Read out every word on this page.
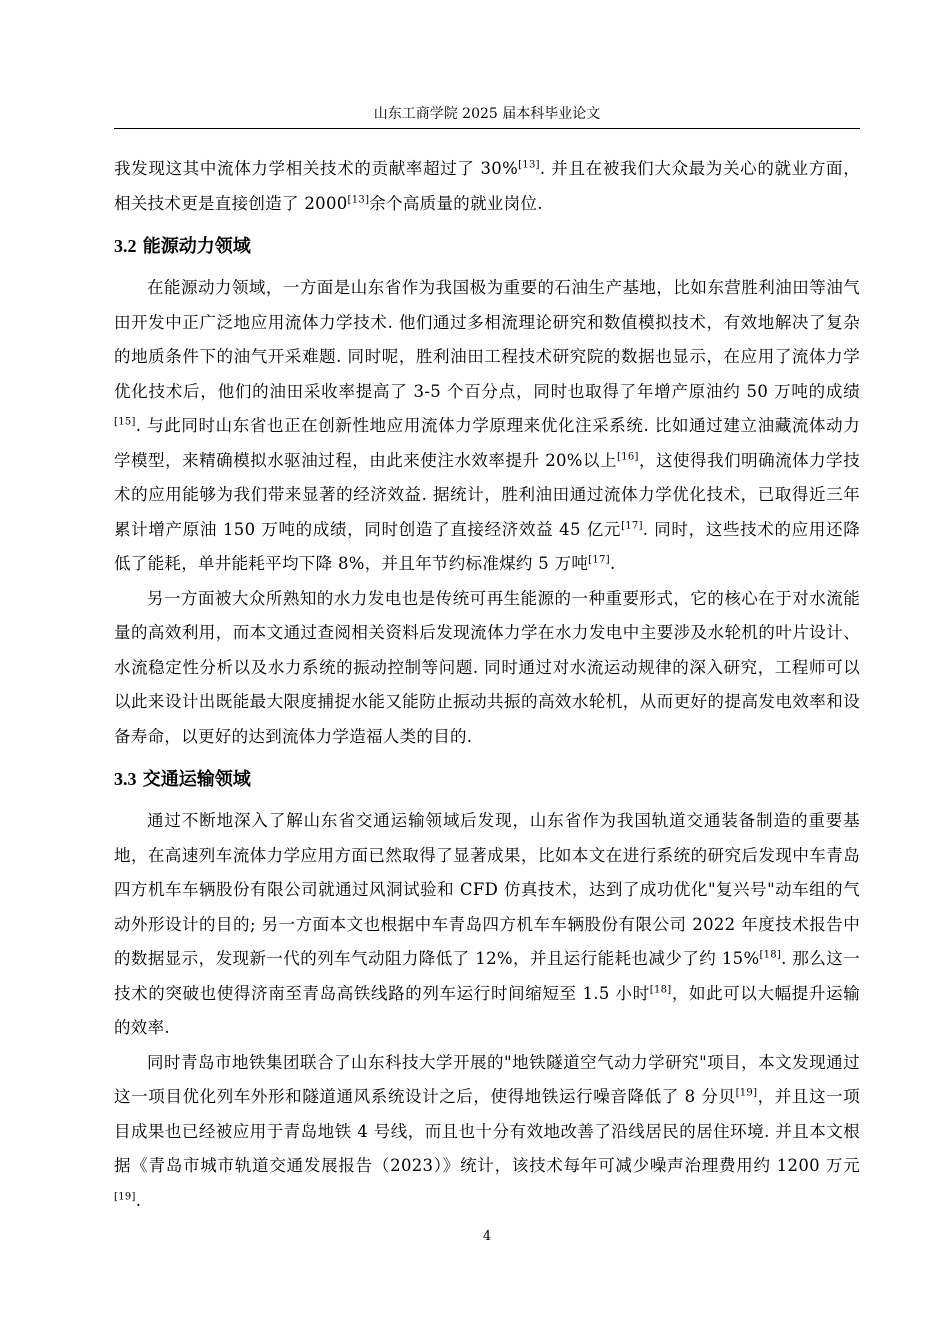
山东工商学院 2025 届本科毕业论文

我发现这其中流体力学相关技术的贡献率超过了 30%[13]. 并且在被我们大众最为关心的就业方面，相关技术更是直接创造了 2000[13]余个高质量的就业岗位.

3.2 能源动力领域

在能源动力领域，一方面是山东省作为我国极为重要的石油生产基地，比如东营胜利油田等油气田开发中正广泛地应用流体力学技术. 他们通过多相流理论研究和数值模拟技术，有效地解决了复杂的地质条件下的油气开采难题. 同时呢，胜利油田工程技术研究院的数据也显示，在应用了流体力学优化技术后，他们的油田采收率提高了 3-5 个百分点，同时也取得了年增产原油约 50 万吨的成绩[15]. 与此同时山东省也正在创新性地应用流体力学原理来优化注采系统. 比如通过建立油藏流体动力学模型，来精确模拟水驱油过程，由此来使注水效率提升 20%以上[16]，这使得我们明确流体力学技术的应用能够为我们带来显著的经济效益. 据统计，胜利油田通过流体力学优化技术，已取得近三年累计增产原油 150 万吨的成绩，同时创造了直接经济效益 45 亿元[17]. 同时，这些技术的应用还降低了能耗，单井能耗平均下降 8%，并且年节约标准煤约 5 万吨[17].

另一方面被大众所熟知的水力发电也是传统可再生能源的一种重要形式，它的核心在于对水流能量的高效利用，而本文通过查阅相关资料后发现流体力学在水力发电中主要涉及水轮机的叶片设计、水流稳定性分析以及水力系统的振动控制等问题. 同时通过对水流运动规律的深入研究，工程师可以以此来设计出既能最大限度捕捉水能又能防止振动共振的高效水轮机，从而更好的提高发电效率和设备寿命，以更好的达到流体力学造福人类的目的.

3.3 交通运输领域

通过不断地深入了解山东省交通运输领域后发现，山东省作为我国轨道交通装备制造的重要基地，在高速列车流体力学应用方面已然取得了显著成果，比如本文在进行系统的研究后发现中车青岛四方机车车辆股份有限公司就通过风洞试验和 CFD 仿真技术，达到了成功优化"复兴号"动车组的气动外形设计的目的; 另一方面本文也根据中车青岛四方机车车辆股份有限公司 2022 年度技术报告中的数据显示，发现新一代的列车气动阻力降低了 12%，并且运行能耗也减少了约 15%[18]. 那么这一技术的突破也使得济南至青岛高铁线路的列车运行时间缩短至 1.5 小时[18]，如此可以大幅提升运输的效率.

同时青岛市地铁集团联合了山东科技大学开展的"地铁隧道空气动力学研究"项目，本文发现通过这一项目优化列车外形和隧道通风系统设计之后，使得地铁运行噪音降低了 8 分贝[19]，并且这一项目成果也已经被应用于青岛地铁 4 号线，而且也十分有效地改善了沿线居民的居住环境. 并且本文根据《青岛市城市轨道交通发展报告（2023）》统计，该技术每年可减少噪声治理费用约 1200 万元[19].

4
